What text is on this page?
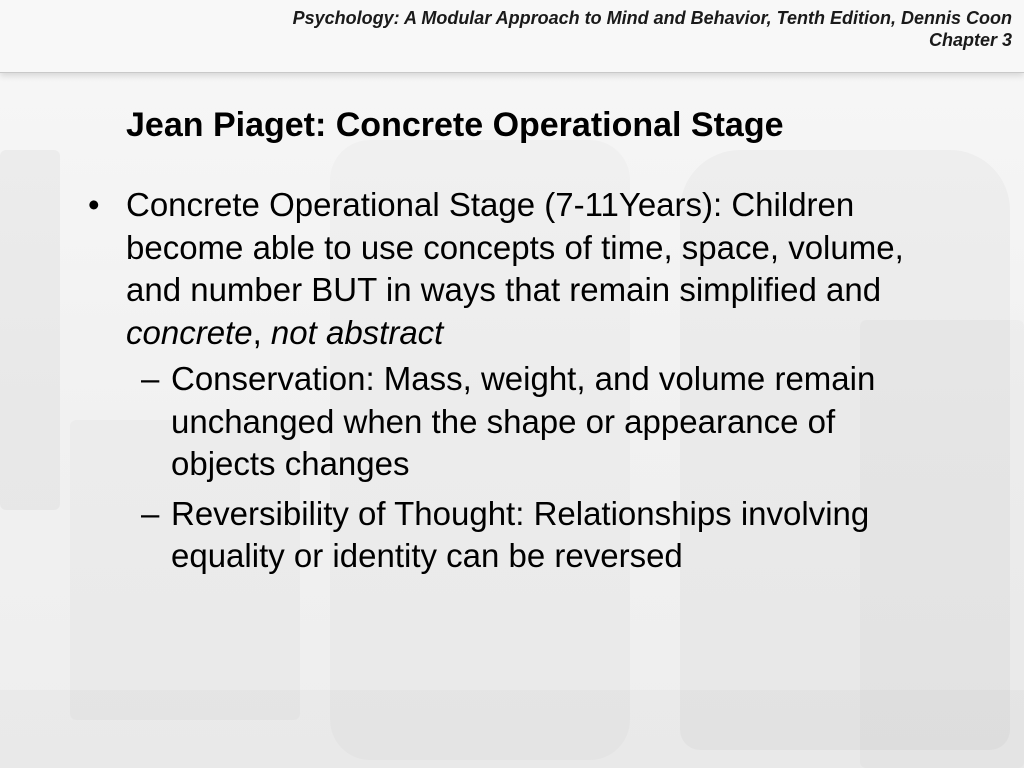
Psychology: A Modular Approach to Mind and Behavior, Tenth Edition, Dennis Coon
Chapter 3
Jean Piaget: Concrete Operational Stage
• Concrete Operational Stage (7-11Years): Children become able to use concepts of time, space, volume, and number BUT in ways that remain simplified and concrete, not abstract
– Conservation: Mass, weight, and volume remain unchanged when the shape or appearance of objects changes
– Reversibility of Thought: Relationships involving equality or identity can be reversed
